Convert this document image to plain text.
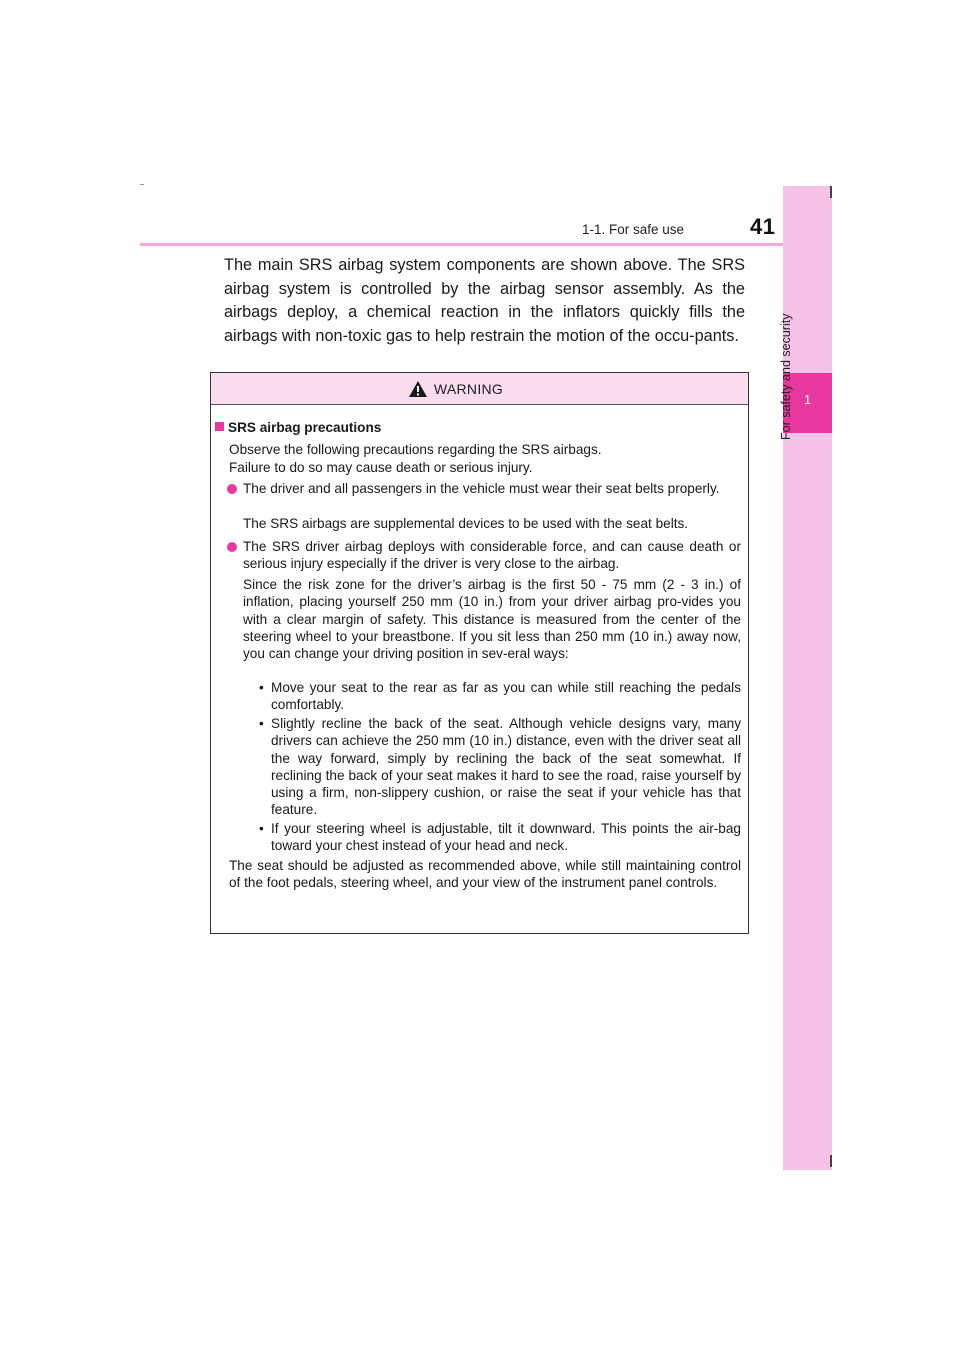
1-1. For safe use	41
1
For safety and security
The main SRS airbag system components are shown above. The SRS airbag system is controlled by the airbag sensor assembly. As the airbags deploy, a chemical reaction in the inflators quickly fills the airbags with non-toxic gas to help restrain the motion of the occu-pants.
WARNING
SRS airbag precautions
Observe the following precautions regarding the SRS airbags.
Failure to do so may cause death or serious injury.
The driver and all passengers in the vehicle must wear their seat belts properly.
The SRS airbags are supplemental devices to be used with the seat belts.
The SRS driver airbag deploys with considerable force, and can cause death or serious injury especially if the driver is very close to the airbag.
Since the risk zone for the driver’s airbag is the first 50 - 75 mm (2 - 3 in.) of inflation, placing yourself 250 mm (10 in.) from your driver airbag pro-vides you with a clear margin of safety. This distance is measured from the center of the steering wheel to your breastbone. If you sit less than 250 mm (10 in.) away now, you can change your driving position in sev-eral ways:
• Move your seat to the rear as far as you can while still reaching the pedals comfortably.
• Slightly recline the back of the seat. Although vehicle designs vary, many drivers can achieve the 250 mm (10 in.) distance, even with the driver seat all the way forward, simply by reclining the back of the seat somewhat. If reclining the back of your seat makes it hard to see the road, raise yourself by using a firm, non-slippery cushion, or raise the seat if your vehicle has that feature.
• If your steering wheel is adjustable, tilt it downward. This points the air-bag toward your chest instead of your head and neck.
The seat should be adjusted as recommended above, while still maintaining control of the foot pedals, steering wheel, and your view of the instrument panel controls.
